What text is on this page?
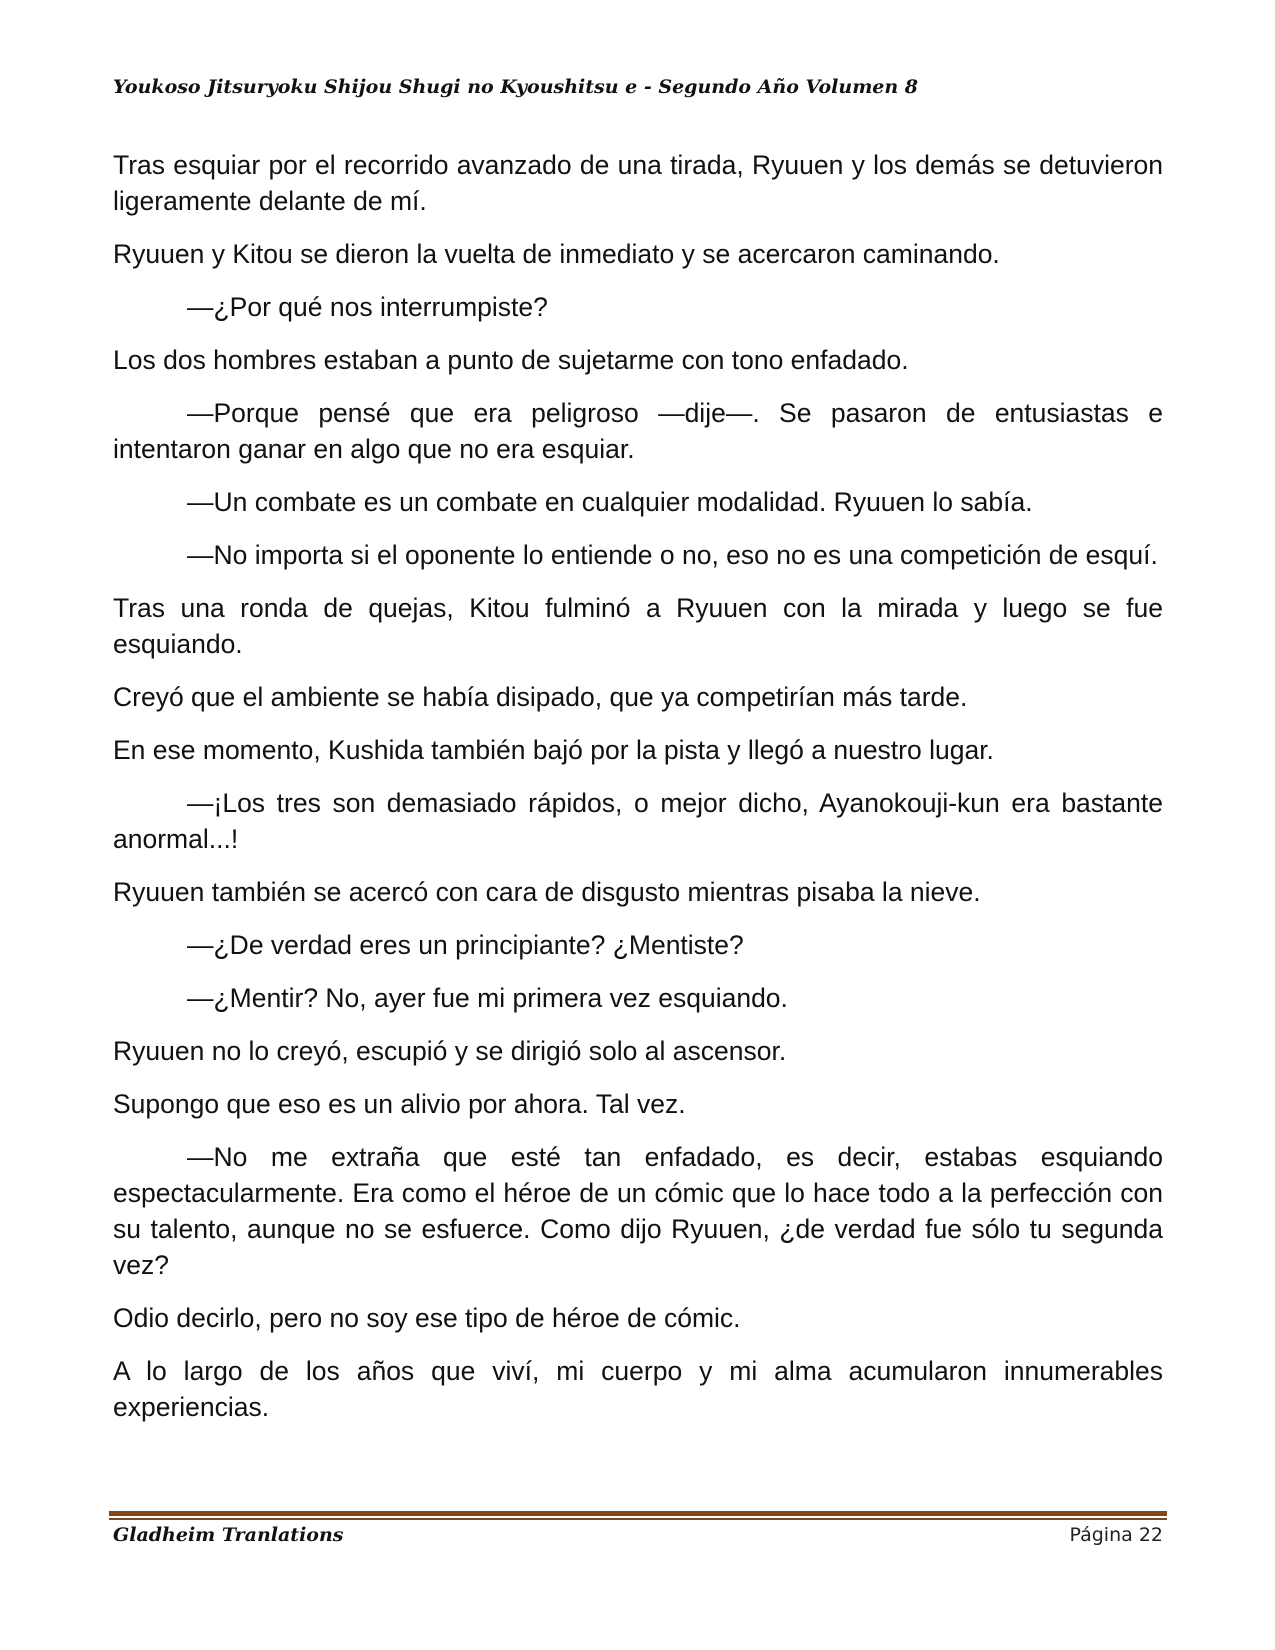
Youkoso Jitsuryoku Shijou Shugi no Kyoushitsu e - Segundo Año Volumen 8

Tras esquiar por el recorrido avanzado de una tirada, Ryuuen y los demás se detuvieron ligeramente delante de mí.

Ryuuen y Kitou se dieron la vuelta de inmediato y se acercaron caminando.

—¿Por qué nos interrumpiste?

Los dos hombres estaban a punto de sujetarme con tono enfadado.

—Porque pensé que era peligroso —dije—. Se pasaron de entusiastas e intentaron ganar en algo que no era esquiar.

—Un combate es un combate en cualquier modalidad. Ryuuen lo sabía.

—No importa si el oponente lo entiende o no, eso no es una competición de esquí.

Tras una ronda de quejas, Kitou fulminó a Ryuuen con la mirada y luego se fue esquiando.

Creyó que el ambiente se había disipado, que ya competirían más tarde.

En ese momento, Kushida también bajó por la pista y llegó a nuestro lugar.

—¡Los tres son demasiado rápidos, o mejor dicho, Ayanokouji-kun era bastante anormal...!

Ryuuen también se acercó con cara de disgusto mientras pisaba la nieve.

—¿De verdad eres un principiante? ¿Mentiste?

—¿Mentir? No, ayer fue mi primera vez esquiando.

Ryuuen no lo creyó, escupió y se dirigió solo al ascensor.

Supongo que eso es un alivio por ahora. Tal vez.

—No me extraña que esté tan enfadado, es decir, estabas esquiando espectacularmente. Era como el héroe de un cómic que lo hace todo a la perfección con su talento, aunque no se esfuerce. Como dijo Ryuuen, ¿de verdad fue sólo tu segunda vez?

Odio decirlo, pero no soy ese tipo de héroe de cómic.

A lo largo de los años que viví, mi cuerpo y mi alma acumularon innumerables experiencias.

Gladheim Tranlations	Página 22
